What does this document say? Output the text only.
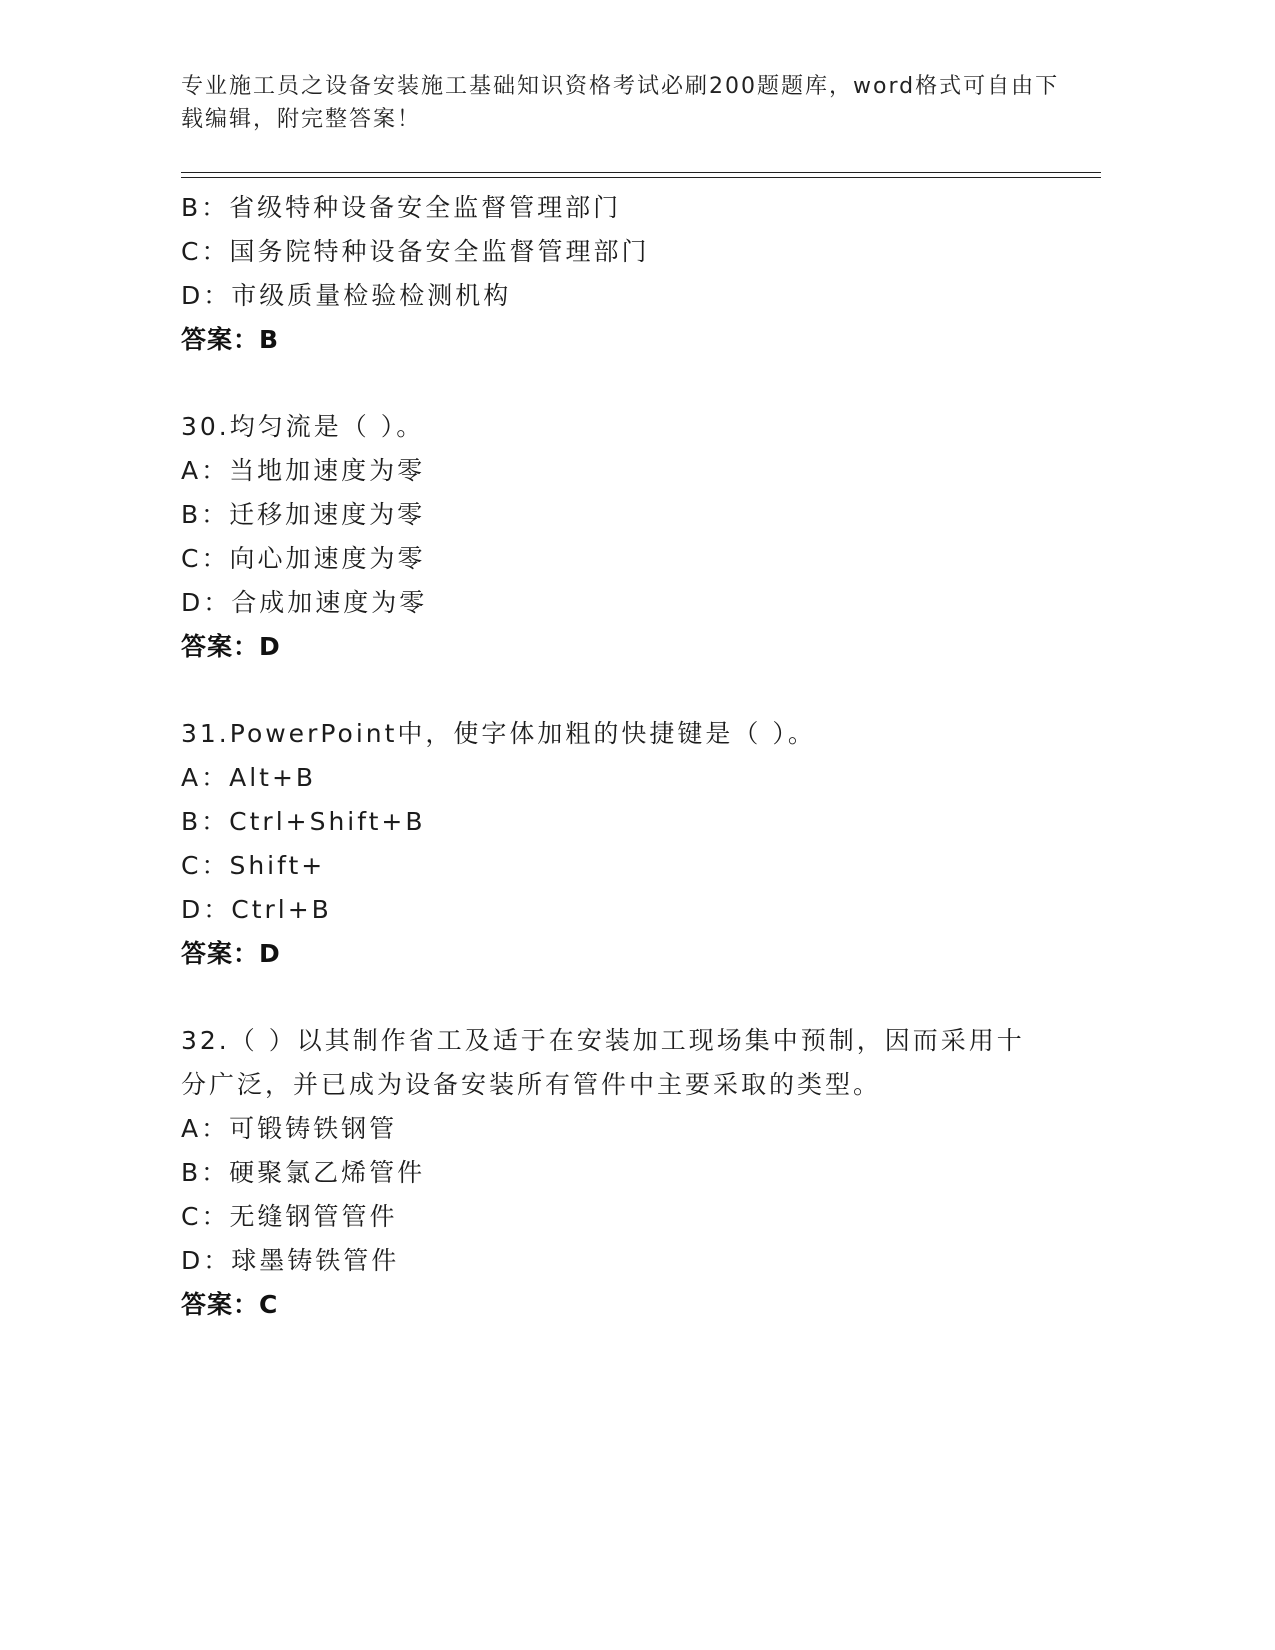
专业施工员之设备安装施工基础知识资格考试必刷200题题库，word格式可自由下载编辑，附完整答案！
B：省级特种设备安全监督管理部门
C：国务院特种设备安全监督管理部门
D：市级质量检验检测机构
答案：B
30.均匀流是（ ）。
A：当地加速度为零
B：迁移加速度为零
C：向心加速度为零
D：合成加速度为零
答案：D
31.PowerPoint中，使字体加粗的快捷键是（ ）。
A：Alt+B
B：Ctrl+Shift+B
C：Shift+
D：Ctrl+B
答案：D
32.（ ）以其制作省工及适于在安装加工现场集中预制，因而采用十分广泛，并已成为设备安装所有管件中主要采取的类型。
A：可锻铸铁钢管
B：硬聚氯乙烯管件
C：无缝钢管管件
D：球墨铸铁管件
答案：C
